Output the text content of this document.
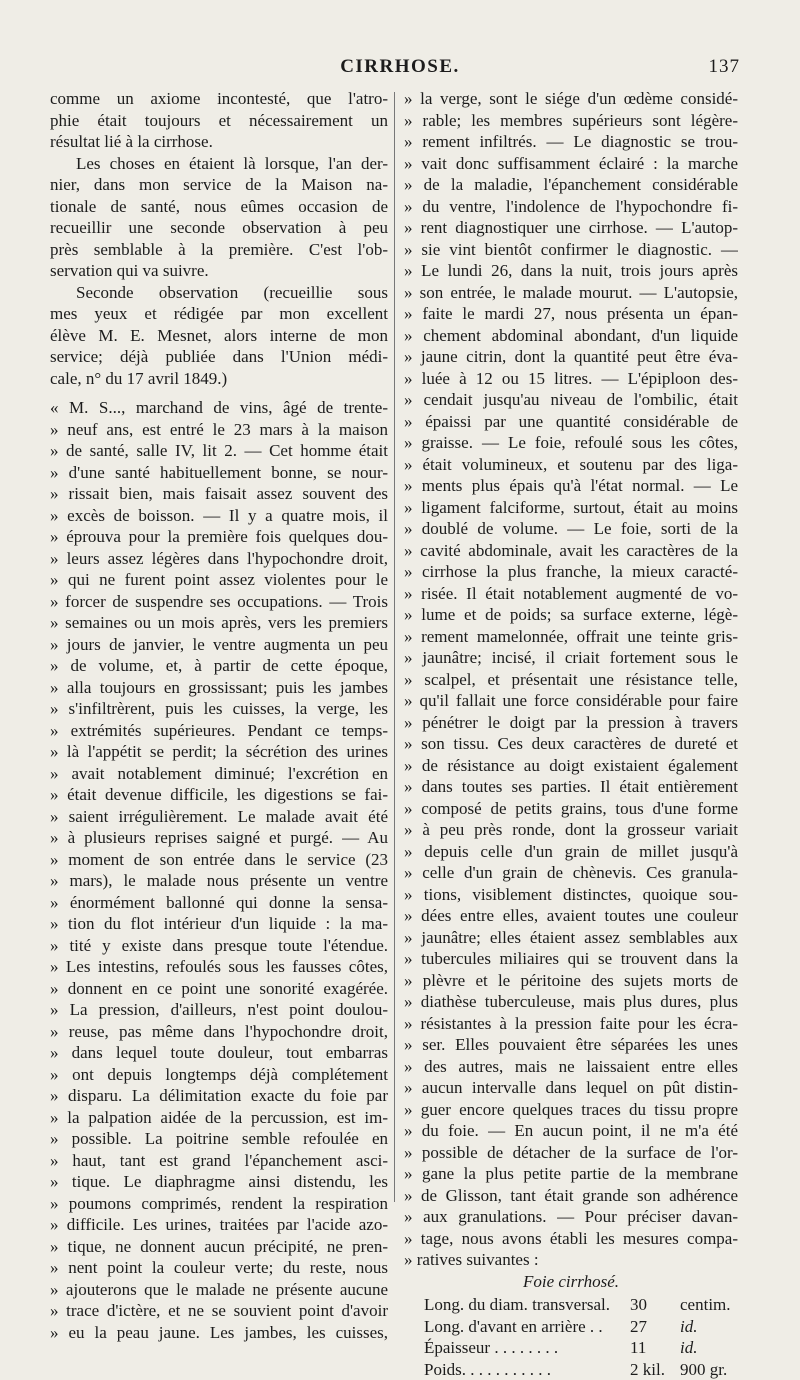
CIRRHOSE.	137
comme un axiome incontesté, que l'atro-
phie était toujours et nécessairement un
résultat lié à la cirrhose.
Les choses en étaient là lorsque, l'an der-
nier, dans mon service de la Maison na-
tionale de santé, nous eûmes occasion de
recueillir une seconde observation à peu
près semblable à la première. C'est l'ob-
servation qui va suivre.
Seconde observation (recueillie sous
mes yeux et rédigée par mon excellent
élève M. E. Mesnet, alors interne de mon
service; déjà publiée dans l'Union médi-
cale, n° du 17 avril 1849.)
« M. S..., marchand de vins, âgé de trente-
» neuf ans, est entré le 23 mars à la maison
» de santé, salle IV, lit 2. — Cet homme était
» d'une santé habituellement bonne, se nour-
» rissait bien, mais faisait assez souvent des
» excès de boisson. — Il y a quatre mois, il
» éprouva pour la première fois quelques dou-
» leurs assez légères dans l'hypochondre droit,
» qui ne furent point assez violentes pour le
» forcer de suspendre ses occupations. — Trois
» semaines ou un mois après, vers les premiers
» jours de janvier, le ventre augmenta un peu
» de volume, et, à partir de cette époque,
» alla toujours en grossissant; puis les jambes
» s'infiltrèrent, puis les cuisses, la verge, les
» extrémités supérieures. Pendant ce temps-
» là l'appétit se perdit; la sécrétion des urines
» avait notablement diminué; l'excrétion en
» était devenue difficile, les digestions se fai-
» saient irrégulièrement. Le malade avait été
» à plusieurs reprises saigné et purgé. — Au
» moment de son entrée dans le service (23
» mars), le malade nous présente un ventre
» énormément ballonné qui donne la sensa-
» tion du flot intérieur d'un liquide : la ma-
» tité y existe dans presque toute l'étendue.
» Les intestins, refoulés sous les fausses côtes,
» donnent en ce point une sonorité exagérée.
» La pression, d'ailleurs, n'est point doulou-
» reuse, pas même dans l'hypochondre droit,
» dans lequel toute douleur, tout embarras
» ont depuis longtemps déjà complétement
» disparu. La délimitation exacte du foie par
» la palpation aidée de la percussion, est im-
» possible. La poitrine semble refoulée en
» haut, tant est grand l'épanchement asci-
» tique. Le diaphragme ainsi distendu, les
» poumons comprimés, rendent la respiration
» difficile. Les urines, traitées par l'acide azo-
» tique, ne donnent aucun précipité, ne pren-
» nent point la couleur verte; du reste, nous
» ajouterons que le malade ne présente aucune
» trace d'ictère, et ne se souvient point d'avoir
» eu la peau jaune. Les jambes, les cuisses,
» la verge, sont le siége d'un œdème considé-
» rable; les membres supérieurs sont légère-
» rement infiltrés. — Le diagnostic se trou-
» vait donc suffisamment éclairé : la marche
» de la maladie, l'épanchement considérable
» du ventre, l'indolence de l'hypochondre fi-
» rent diagnostiquer une cirrhose. — L'autop-
» sie vint bientôt confirmer le diagnostic. —
» Le lundi 26, dans la nuit, trois jours après
» son entrée, le malade mourut. — L'autopsie,
» faite le mardi 27, nous présenta un épan-
» chement abdominal abondant, d'un liquide
» jaune citrin, dont la quantité peut être éva-
» luée à 12 ou 15 litres. — L'épiploon des-
» cendait jusqu'au niveau de l'ombilic, était
» épaissi par une quantité considérable de
» graisse. — Le foie, refoulé sous les côtes,
» était volumineux, et soutenu par des liga-
» ments plus épais qu'à l'état normal. — Le
» ligament falciforme, surtout, était au moins
» doublé de volume. — Le foie, sorti de la
» cavité abdominale, avait les caractères de la
» cirrhose la plus franche, la mieux caracté-
» risée. Il était notablement augmenté de vo-
» lume et de poids; sa surface externe, légè-
» rement mamelonnée, offrait une teinte gris-
» jaunâtre; incisé, il criait fortement sous le
» scalpel, et présentait une résistance telle,
» qu'il fallait une force considérable pour faire
» pénétrer le doigt par la pression à travers
» son tissu. Ces deux caractères de dureté et
» de résistance au doigt existaient également
» dans toutes ses parties. Il était entièrement
» composé de petits grains, tous d'une forme
» à peu près ronde, dont la grosseur variait
» depuis celle d'un grain de millet jusqu'à
» celle d'un grain de chènevis. Ces granula-
» tions, visiblement distinctes, quoique sou-
» dées entre elles, avaient toutes une couleur
» jaunâtre; elles étaient assez semblables aux
» tubercules miliaires qui se trouvent dans la
» plèvre et le péritoine des sujets morts de
» diathèse tuberculeuse, mais plus dures, plus
» résistantes à la pression faite pour les écra-
» ser. Elles pouvaient être séparées les unes
» des autres, mais ne laissaient entre elles
» aucun intervalle dans lequel on pût distin-
» guer encore quelques traces du tissu propre
» du foie. — En aucun point, il ne m'a été
» possible de détacher de la surface de l'or-
» gane la plus petite partie de la membrane
» de Glisson, tant était grande son adhérence
» aux granulations. — Pour préciser davan-
» tage, nous avons établi les mesures compa-
» ratives suivantes :
Foie cirrhosé.
Long. du diam. transversal. 30 centim.
Long. d'avant en arrière . . 27 id.
Épaisseur . . . . . . . .	11 id.
Poids. . . . . . . . . . .	2 kil. 900 gr.
